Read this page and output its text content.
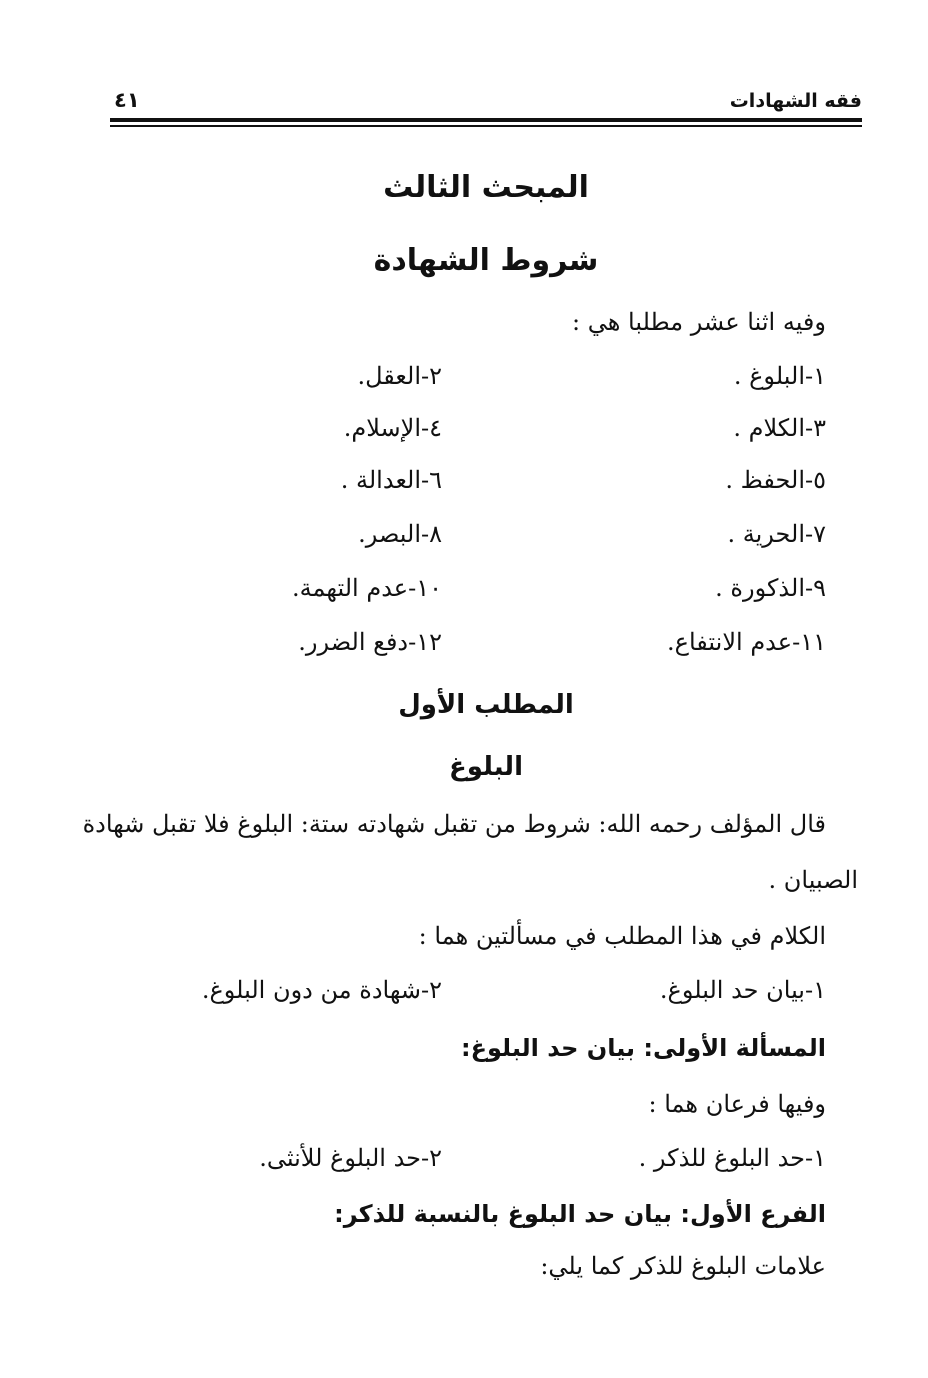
فقه الشهادات
٤١
المبحث الثالث
شروط الشهادة
وفيه اثنا عشر مطلبا هي :
١-البلوغ .
٢-العقل.
٣-الكلام .
٤-الإسلام.
٥-الحفظ .
٦-العدالة .
٧-الحرية .
٨-البصر.
٩-الذكورة .
١٠-عدم التهمة.
١١-عدم الانتفاع.
١٢-دفع الضرر.
المطلب الأول
البلوغ
قال المؤلف رحمه الله: شروط من تقبل شهادته ستة: البلوغ فلا تقبل شهادة
الصبيان .
الكلام في هذا المطلب في مسألتين هما :
١-بيان حد البلوغ.
٢-شهادة من دون البلوغ.
المسألة الأولى: بيان حد البلوغ:
وفيها فرعان هما :
١-حد البلوغ للذكر .
٢-حد البلوغ للأنثى.
الفرع الأول: بيان حد البلوغ بالنسبة للذكر:
علامات البلوغ للذكر كما يلي:
